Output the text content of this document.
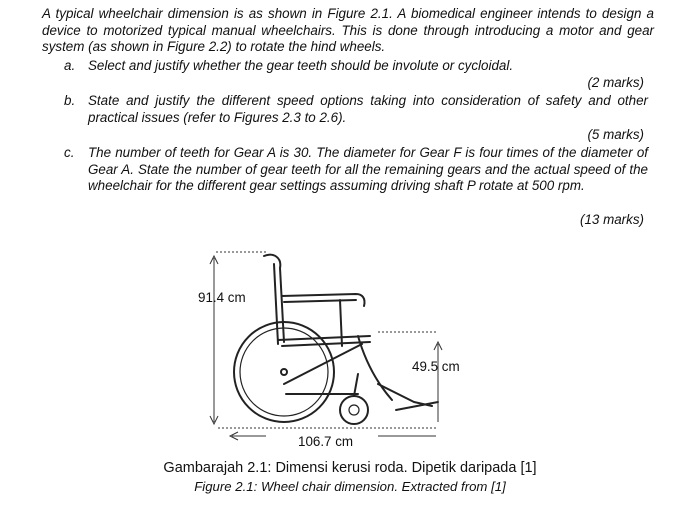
A typical wheelchair dimension is as shown in Figure 2.1. A biomedical engineer intends to design a device to motorized typical manual wheelchairs. This is done through introducing a motor and gear system (as shown in Figure 2.2) to rotate the hind wheels.

a. Select and justify whether the gear teeth should be involute or cycloidal.
(2 marks)
b. State and justify the different speed options taking into consideration of safety and other practical issues (refer to Figures 2.3 to 2.6).
(5 marks)
c. The number of teeth for Gear A is 30. The diameter for Gear F is four times of the diameter of Gear A. State the number of gear teeth for all the remaining gears and the actual speed of the wheelchair for the different gear settings assuming driving shaft P rotate at 500 rpm.
(13 marks)
91.4 cm
49.5 cm
106.7 cm
Gambarajah 2.1: Dimensi kerusi roda. Dipetik daripada [1]
Figure 2.1: Wheel chair dimension. Extracted from [1]
